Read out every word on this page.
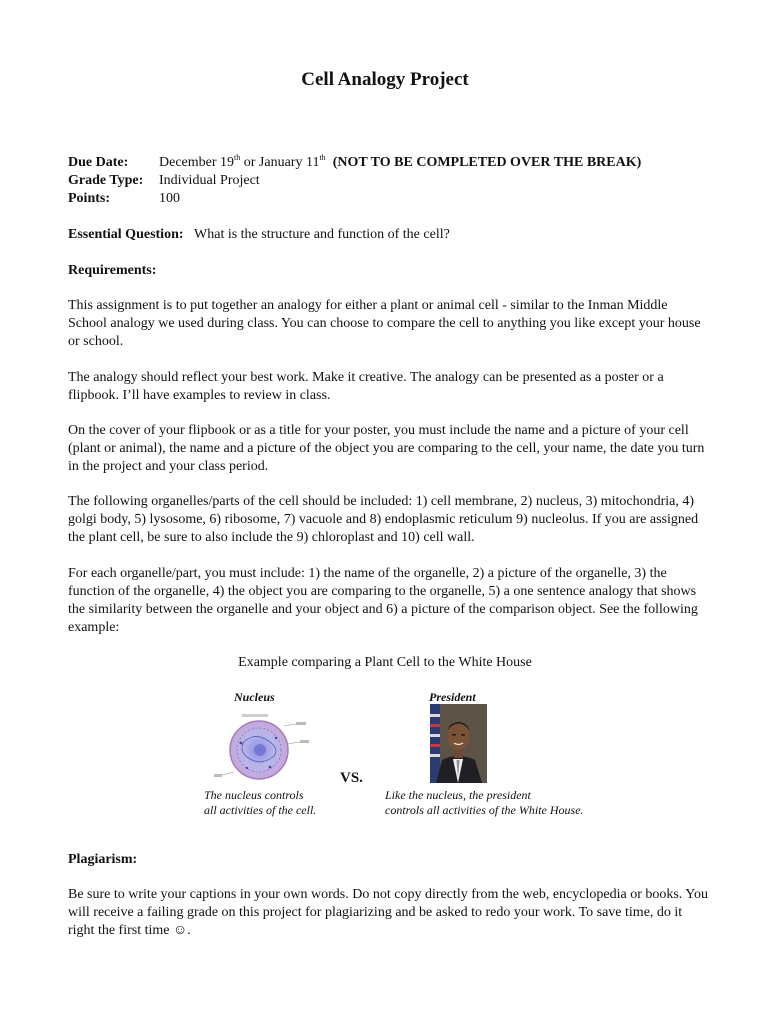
Cell Analogy Project
Due Date:	December 19th or January 11th (NOT TO BE COMPLETED OVER THE BREAK)
Grade Type:	Individual Project
Points:	100
Essential Question: What is the structure and function of the cell?
Requirements:
This assignment is to put together an analogy for either a plant or animal cell - similar to the Inman Middle School analogy we used during class. You can choose to compare the cell to anything you like except your house or school.
The analogy should reflect your best work. Make it creative. The analogy can be presented as a poster or a flipbook. I’ll have examples to review in class.
On the cover of your flipbook or as a title for your poster, you must include the name and a picture of your cell (plant or animal), the name and a picture of the object you are comparing to the cell, your name, the date you turn in the project and your class period.
The following organelles/parts of the cell should be included: 1) cell membrane, 2) nucleus, 3) mitochondria, 4) golgi body, 5) lysosome, 6) ribosome, 7) vacuole and 8) endoplasmic reticulum 9) nucleolus. If you are assigned the plant cell, be sure to also include the 9) chloroplast and 10) cell wall.
For each organelle/part, you must include: 1) the name of the organelle, 2) a picture of the organelle, 3) the function of the organelle, 4) the object you are comparing to the organelle, 5) a one sentence analogy that shows the similarity between the organelle and your object and 6) a picture of the comparison object. See the following example:
Example comparing a Plant Cell to the White House
Nucleus	President
VS.
The nucleus controls
all activities of the cell.
Like the nucleus, the president
controls all activities of the White House.
Plagiarism:
Be sure to write your captions in your own words. Do not copy directly from the web, encyclopedia or books. You will receive a failing grade on this project for plagiarizing and be asked to redo your work. To save time, do it right the first time ☺.
